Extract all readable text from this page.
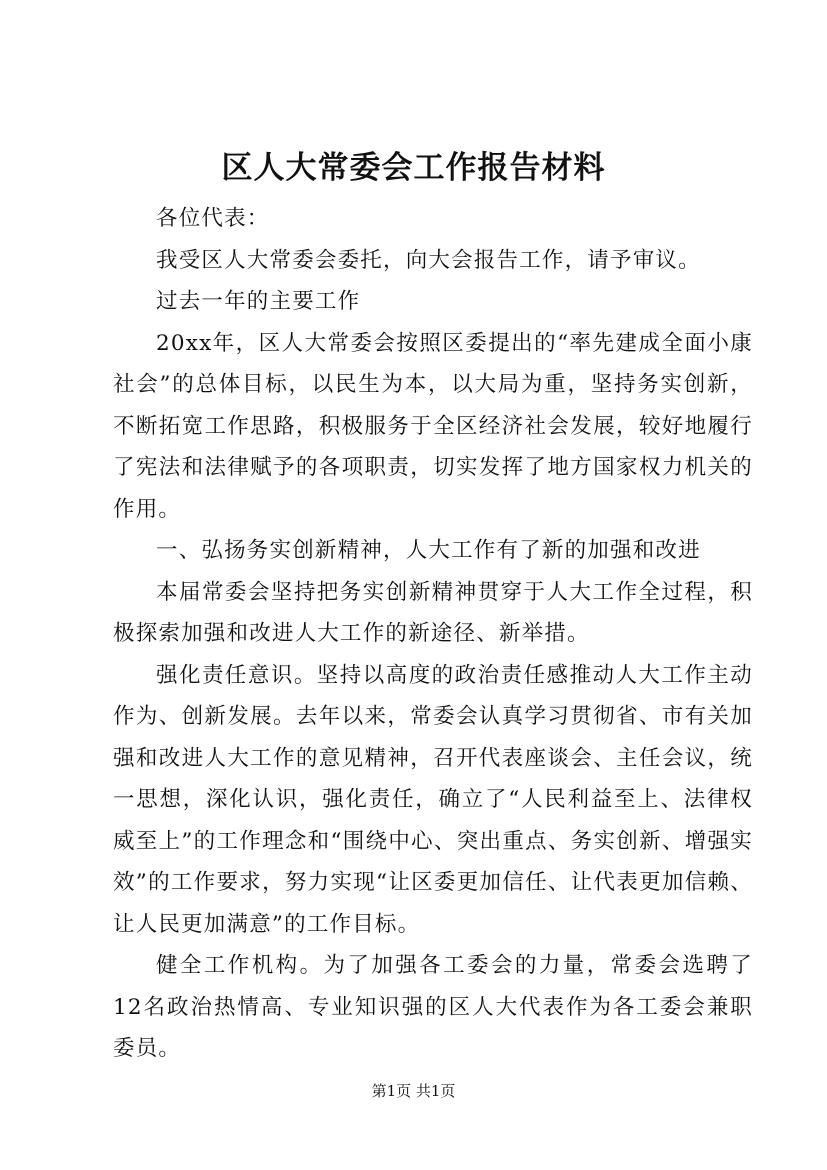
区人大常委会工作报告材料

各位代表：

我受区人大常委会委托，向大会报告工作，请予审议。

过去一年的主要工作

20xx年，区人大常委会按照区委提出的“率先建成全面小康社会”的总体目标，以民生为本，以大局为重，坚持务实创新，不断拓宽工作思路，积极服务于全区经济社会发展，较好地履行了宪法和法律赋予的各项职责，切实发挥了地方国家权力机关的作用。

一、弘扬务实创新精神，人大工作有了新的加强和改进

本届常委会坚持把务实创新精神贯穿于人大工作全过程，积极探索加强和改进人大工作的新途径、新举措。

强化责任意识。坚持以高度的政治责任感推动人大工作主动作为、创新发展。去年以来，常委会认真学习贯彻省、市有关加强和改进人大工作的意见精神，召开代表座谈会、主任会议，统一思想，深化认识，强化责任，确立了“人民利益至上、法律权威至上”的工作理念和“围绕中心、突出重点、务实创新、增强实效”的工作要求，努力实现“让区委更加信任、让代表更加信赖、让人民更加满意”的工作目标。

健全工作机构。为了加强各工委会的力量，常委会选聘了12名政治热情高、专业知识强的区人大代表作为各工委会兼职委员。

第1页 共1页
